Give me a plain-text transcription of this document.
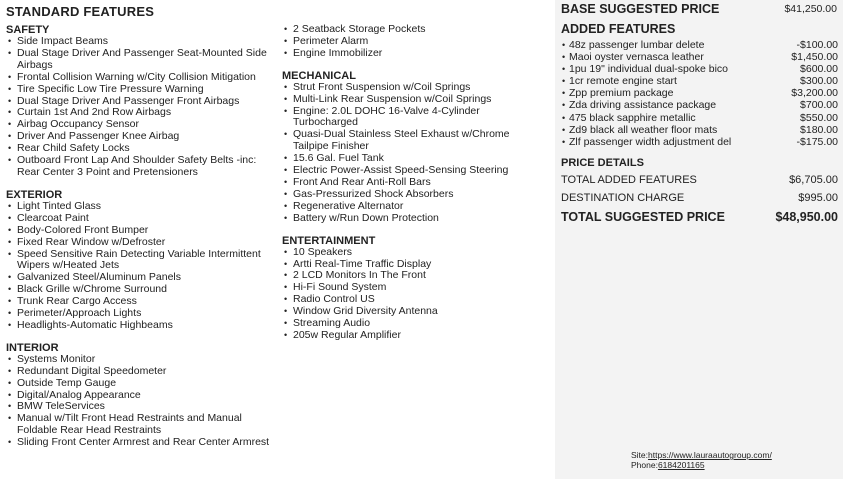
STANDARD FEATURES
SAFETY
• Side Impact Beams
• Dual Stage Driver And Passenger Seat-Mounted Side Airbags
• Frontal Collision Warning w/City Collision Mitigation
• Tire Specific Low Tire Pressure Warning
• Dual Stage Driver And Passenger Front Airbags
• Curtain 1st And 2nd Row Airbags
• Airbag Occupancy Sensor
• Driver And Passenger Knee Airbag
• Rear Child Safety Locks
• Outboard Front Lap And Shoulder Safety Belts -inc: Rear Center 3 Point and Pretensioners
EXTERIOR
• Light Tinted Glass
• Clearcoat Paint
• Body-Colored Front Bumper
• Fixed Rear Window w/Defroster
• Speed Sensitive Rain Detecting Variable Intermittent Wipers w/Heated Jets
• Galvanized Steel/Aluminum Panels
• Black Grille w/Chrome Surround
• Trunk Rear Cargo Access
• Perimeter/Approach Lights
• Headlights-Automatic Highbeams
INTERIOR
• Systems Monitor
• Redundant Digital Speedometer
• Outside Temp Gauge
• Digital/Analog Appearance
• BMW TeleServices
• Manual w/Tilt Front Head Restraints and Manual Foldable Rear Head Restraints
• Sliding Front Center Armrest and Rear Center Armrest
• 2 Seatback Storage Pockets
• Perimeter Alarm
• Engine Immobilizer
MECHANICAL
• Strut Front Suspension w/Coil Springs
• Multi-Link Rear Suspension w/Coil Springs
• Engine: 2.0L DOHC 16-Valve 4-Cylinder Turbocharged
• Quasi-Dual Stainless Steel Exhaust w/Chrome Tailpipe Finisher
• 15.6 Gal. Fuel Tank
• Electric Power-Assist Speed-Sensing Steering
• Front And Rear Anti-Roll Bars
• Gas-Pressurized Shock Absorbers
• Regenerative Alternator
• Battery w/Run Down Protection
ENTERTAINMENT
• 10 Speakers
• Artti Real-Time Traffic Display
• 2 LCD Monitors In The Front
• Hi-Fi Sound System
• Radio Control US
• Window Grid Diversity Antenna
• Streaming Audio
• 205w Regular Amplifier
BASE SUGGESTED PRICE	$41,250.00
ADDED FEATURES
• 48z passenger lumbar delete	-$100.00
• Maoi oyster vernasca leather	$1,450.00
• 1pu 19" individual dual-spoke bico	$600.00
• 1cr remote engine start	$300.00
• Zpp premium package	$3,200.00
• Zda driving assistance package	$700.00
• 475 black sapphire metallic	$550.00
• Zd9 black all weather floor mats	$180.00
• Zlf passenger width adjustment del	-$175.00
PRICE DETAILS
TOTAL ADDED FEATURES	$6,705.00
DESTINATION CHARGE	$995.00
TOTAL SUGGESTED PRICE	$48,950.00
Site:https://www.lauraautogroup.com/
Phone:6184201165
